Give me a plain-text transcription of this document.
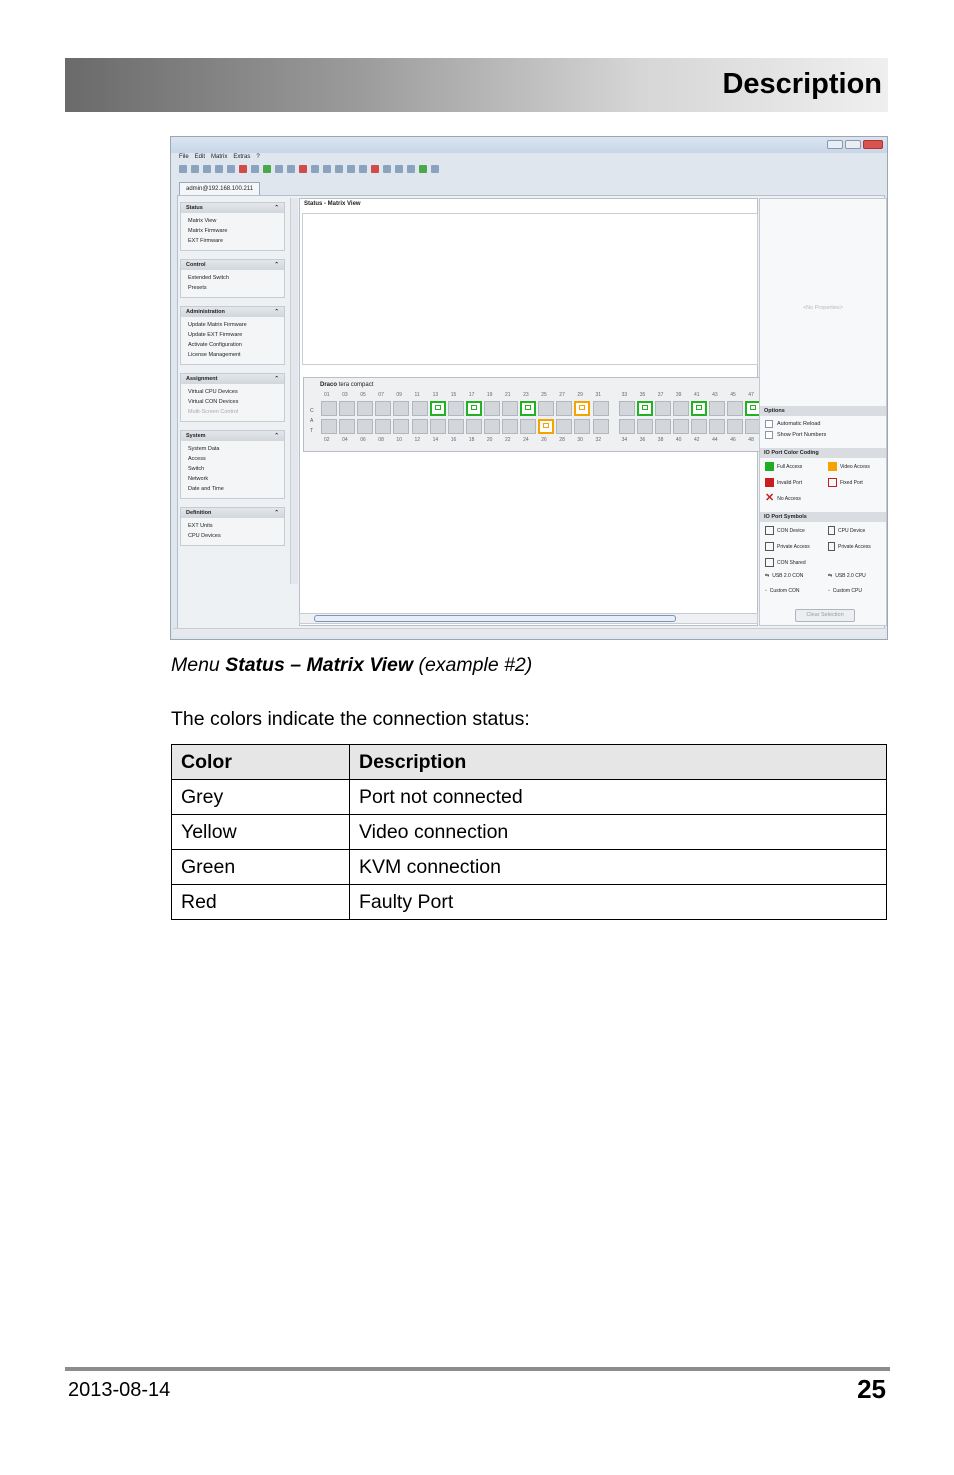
Description
File Edit Matrix Extras ?
admin@192.168.100.211
Status	⌃
Matrix View
Matrix Firmware
EXT Firmware
Control	⌃
Extended Switch
Presets
Administration	⌃
Update Matrix Firmware
Update EXT Firmware
Activate Configuration
License Management
Assignment	⌃
Virtual CPU Devices
Virtual CON Devices
Multi-Screen Control
System	⌃
System Data
Access
Switch
Network
Date and Time
Definition	⌃
EXT Units
CPU Devices
Status - Matrix View
Draco tera compact
C
A
T
01	03	05	07	09	11	13	15	17	19	21	23	25	27	29	31	33	35	37	39	41	43	45	47
02	04	06	08	10	12	14	16	18	20	22	24	26	28	30	32	34	36	38	40	42	44	46	48
<No Properties>
Options
Automatic Reload
Show Port Numbers
IO Port Color Coding
Full Access	Video Access
Invalid Port	Fixed Port
✕ No Access
IO Port Symbols
CON Device	CPU Device
Private Access	Private Access
CON Shared
⇆ USB 2.0 CON	⇆ USB 2.0 CPU
▫ Custom CON	▫ Custom CPU
Clear Selection
Menu Status – Matrix View (example #2)
The colors indicate the connection status:
Color	Description
Grey	Port not connected
Yellow	Video connection
Green	KVM connection
Red	Faulty Port
2013-08-14	25
